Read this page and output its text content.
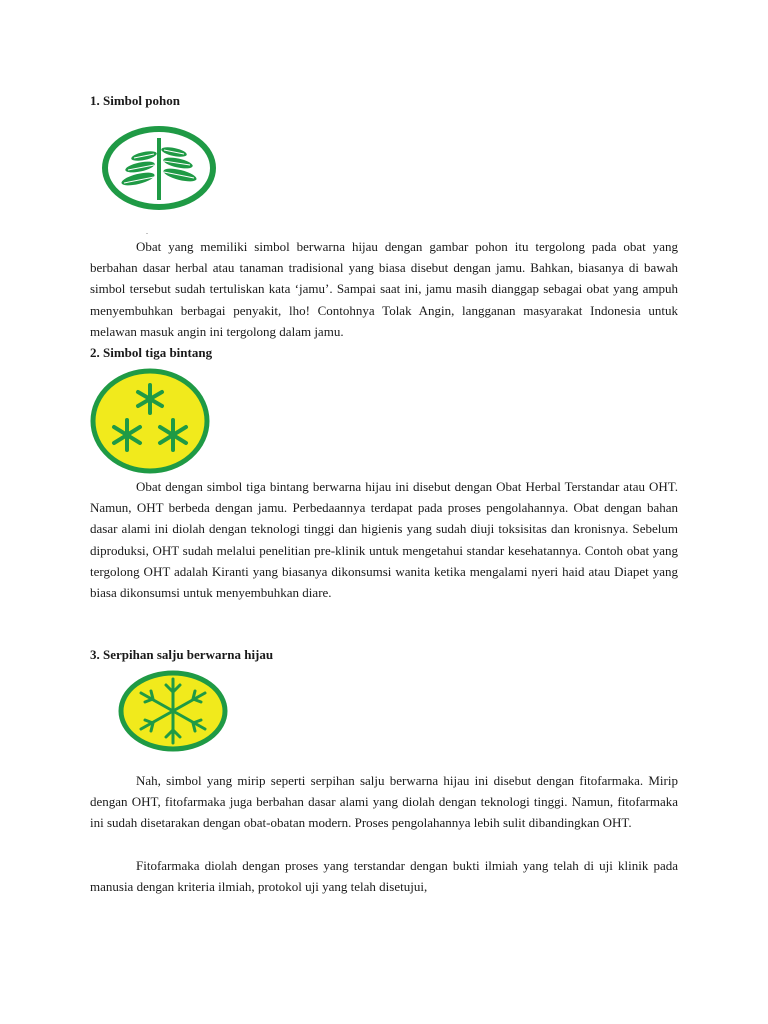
1. Simbol pohon
.

Obat yang memiliki simbol berwarna hijau dengan gambar pohon itu tergolong pada obat yang berbahan dasar herbal atau tanaman tradisional yang biasa disebut dengan jamu. Bahkan, biasanya di bawah simbol tersebut sudah tertuliskan kata ‘jamu’. Sampai saat ini, jamu masih dianggap sebagai obat yang ampuh menyembuhkan berbagai penyakit, lho! Contohnya Tolak Angin, langganan masyarakat Indonesia untuk melawan masuk angin ini tergolong dalam jamu.

2. Simbol tiga bintang

Obat dengan simbol tiga bintang berwarna hijau ini disebut dengan Obat Herbal Terstandar atau OHT. Namun, OHT berbeda dengan jamu. Perbedaannya terdapat pada proses pengolahannya. Obat dengan bahan dasar alami ini diolah dengan teknologi tinggi dan higienis yang sudah diuji toksisitas dan kronisnya. Sebelum diproduksi, OHT sudah melalui penelitian pre-klinik untuk mengetahui standar kesehatannya. Contoh obat yang tergolong OHT adalah Kiranti yang biasanya dikonsumsi wanita ketika mengalami nyeri haid atau Diapet yang biasa dikonsumsi untuk menyembuhkan diare.

3. Serpihan salju berwarna hijau

Nah, simbol yang mirip seperti serpihan salju berwarna hijau ini disebut dengan fitofarmaka. Mirip dengan OHT, fitofarmaka juga berbahan dasar alami yang diolah dengan teknologi tinggi. Namun, fitofarmaka ini sudah disetarakan dengan obat-obatan modern. Proses pengolahannya lebih sulit dibandingkan OHT.

Fitofarmaka diolah dengan proses yang terstandar dengan bukti ilmiah yang telah di uji klinik pada manusia dengan kriteria ilmiah, protokol uji yang telah disetujui,
